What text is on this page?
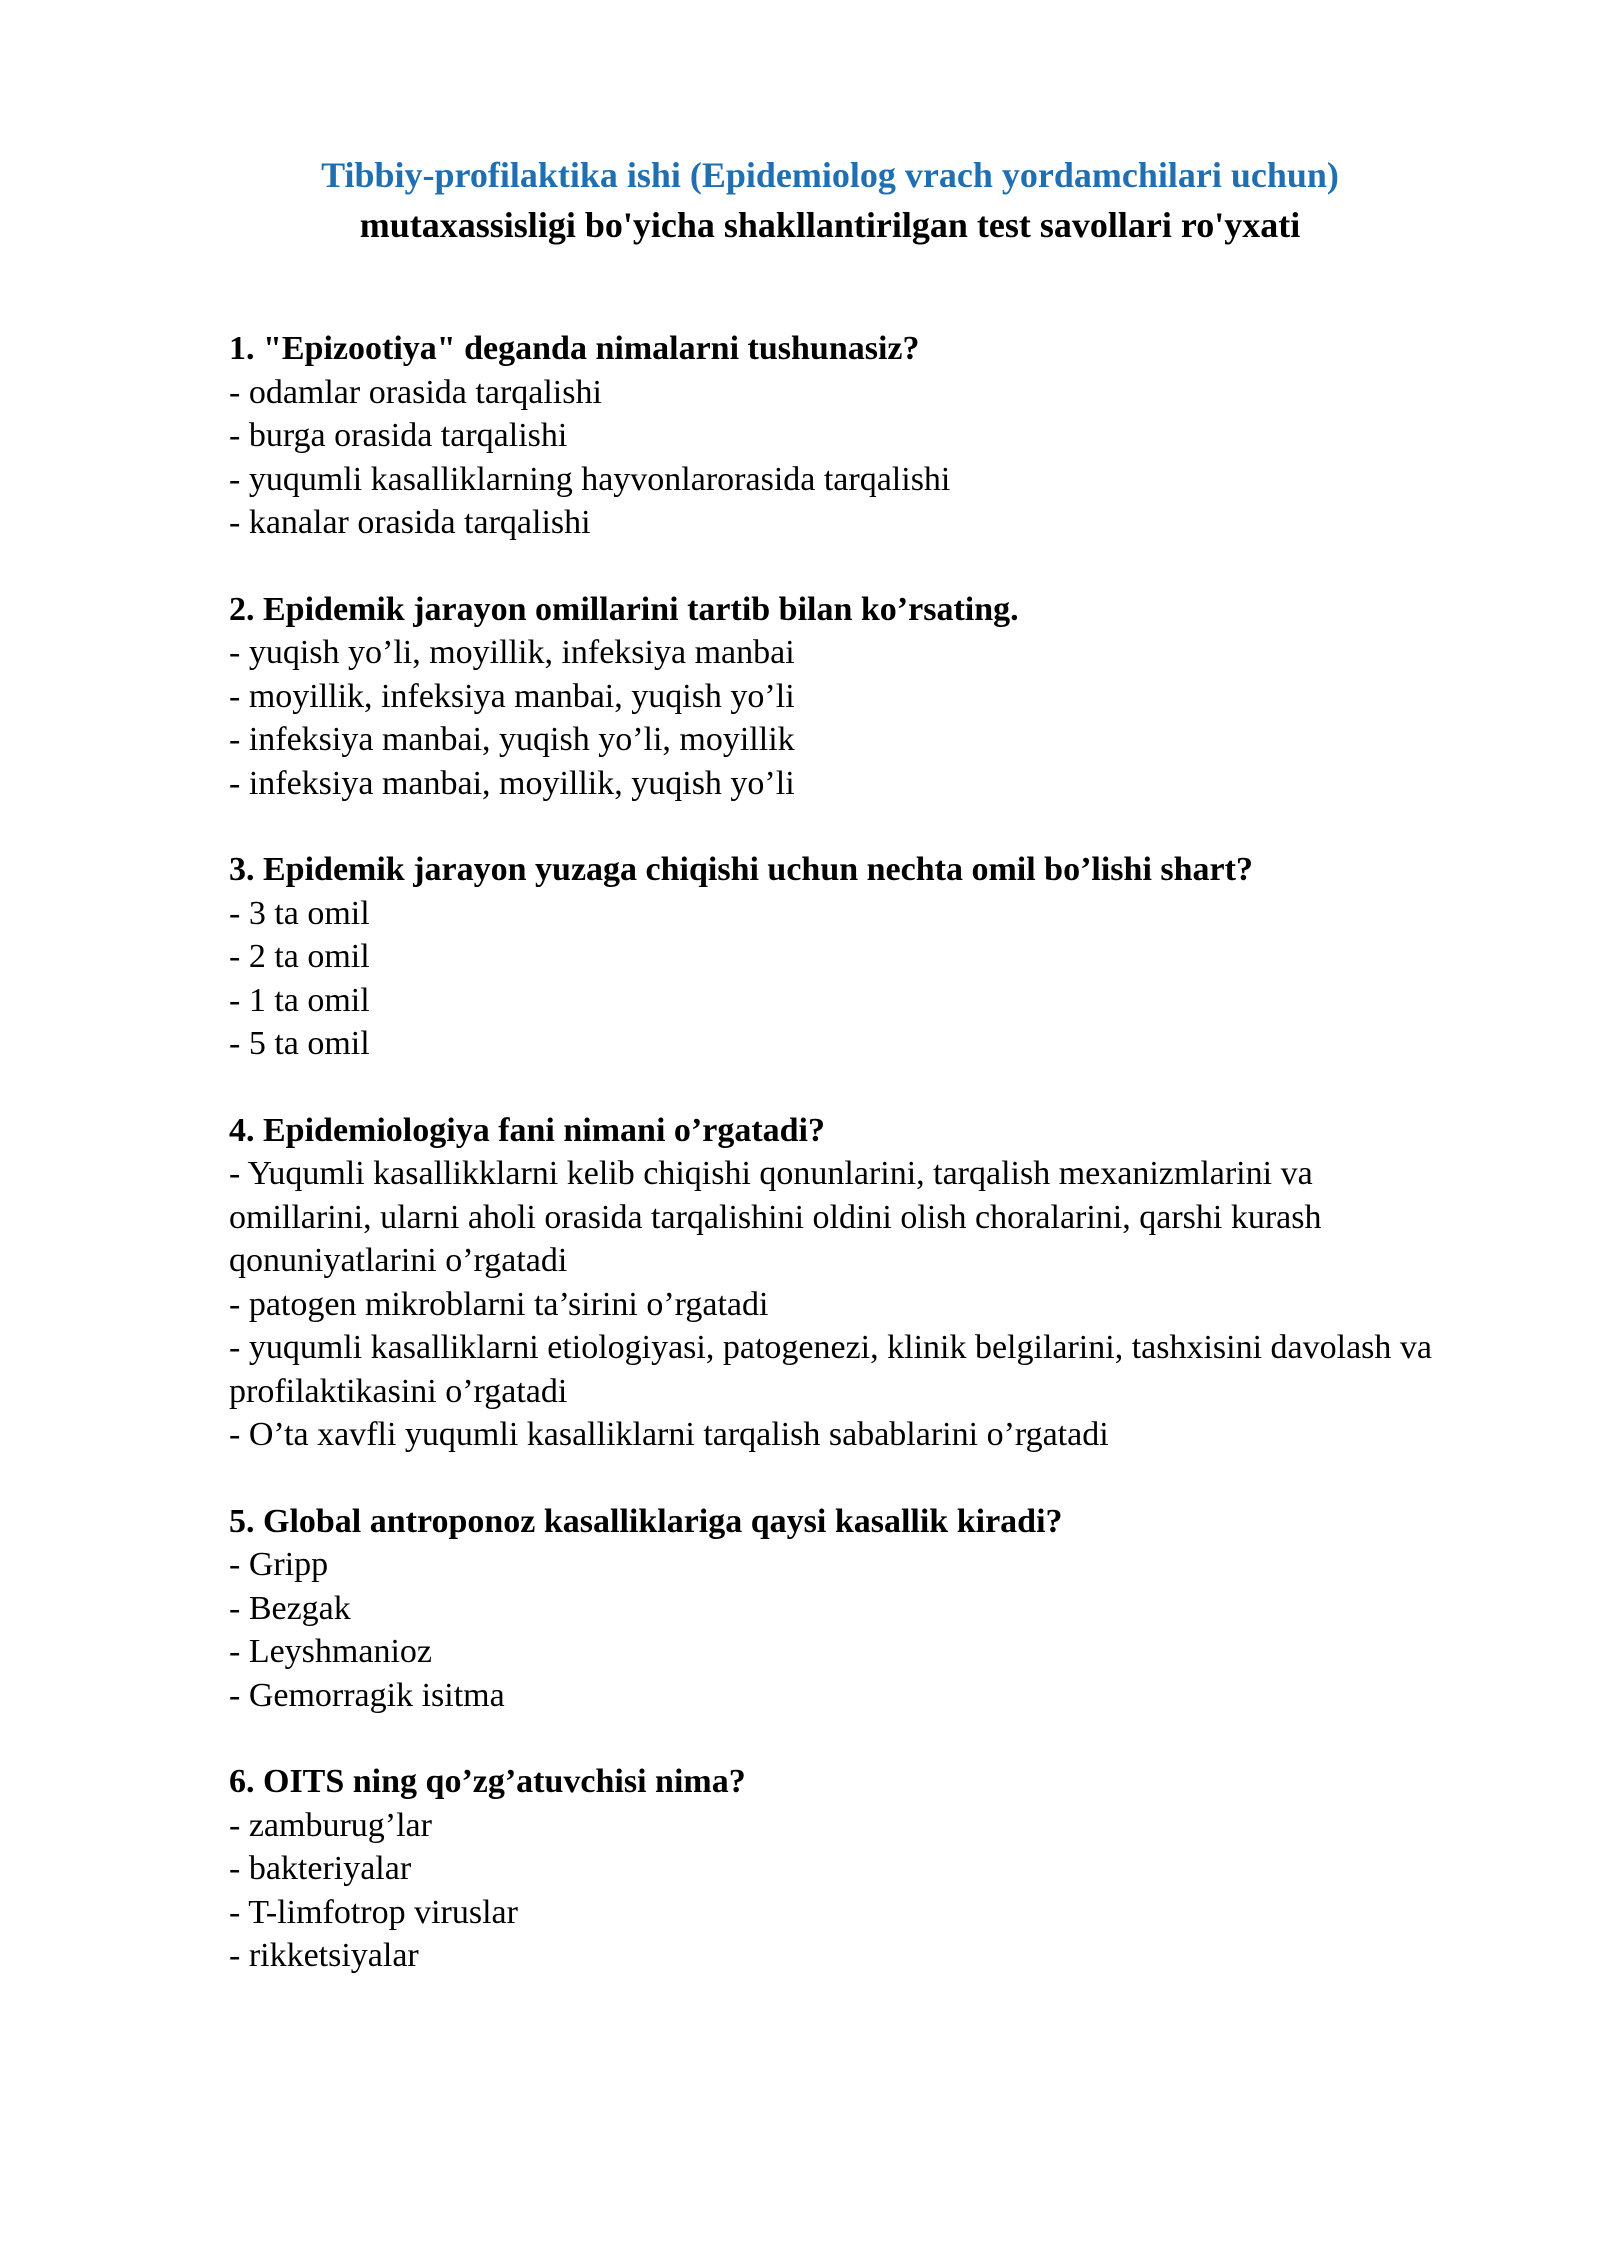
Tibbiy-profilaktika ishi (Epidemiolog vrach yordamchilari uchun)

mutaxassisligi bo'yicha shakllantirilgan test savollari ro'yxati

1. "Epizootiya" deganda nimalarni tushunasiz?

- odamlar orasida tarqalishi

- burga orasida tarqalishi

- yuqumli kasalliklarning hayvonlarorasida tarqalishi

- kanalar orasida tarqalishi

2. Epidemik jarayon omillarini tartib bilan ko’rsating.

- yuqish yo’li, moyillik, infeksiya manbai

- moyillik, infeksiya manbai, yuqish yo’li

- infeksiya manbai, yuqish yo’li, moyillik

- infeksiya manbai, moyillik, yuqish yo’li

3. Epidemik jarayon yuzaga chiqishi uchun nechta omil bo’lishi shart?

- 3 ta omil

- 2 ta omil

- 1 ta omil

- 5 ta omil

4. Epidemiologiya fani nimani o’rgatadi?

- Yuqumli kasallikklarni kelib chiqishi qonunlarini, tarqalish mexanizmlarini va omillarini, ularni aholi orasida tarqalishini oldini olish choralarini, qarshi kurash qonuniyatlarini o’rgatadi

- patogen mikroblarni ta’sirini o’rgatadi

- yuqumli kasalliklarni etiologiyasi, patogenezi, klinik belgilarini, tashxisini davolash va profilaktikasini o’rgatadi

- O’ta xavfli yuqumli kasalliklarni tarqalish sabablarini o’rgatadi

5. Global antroponoz kasalliklariga qaysi kasallik kiradi?

- Gripp

- Bezgak

- Leyshmanioz

- Gemorragik isitma

6. OITS ning qo’zg’atuvchisi nima?

- zamburug’lar

- bakteriyalar

- T-limfotrop viruslar

- rikketsiyalar
